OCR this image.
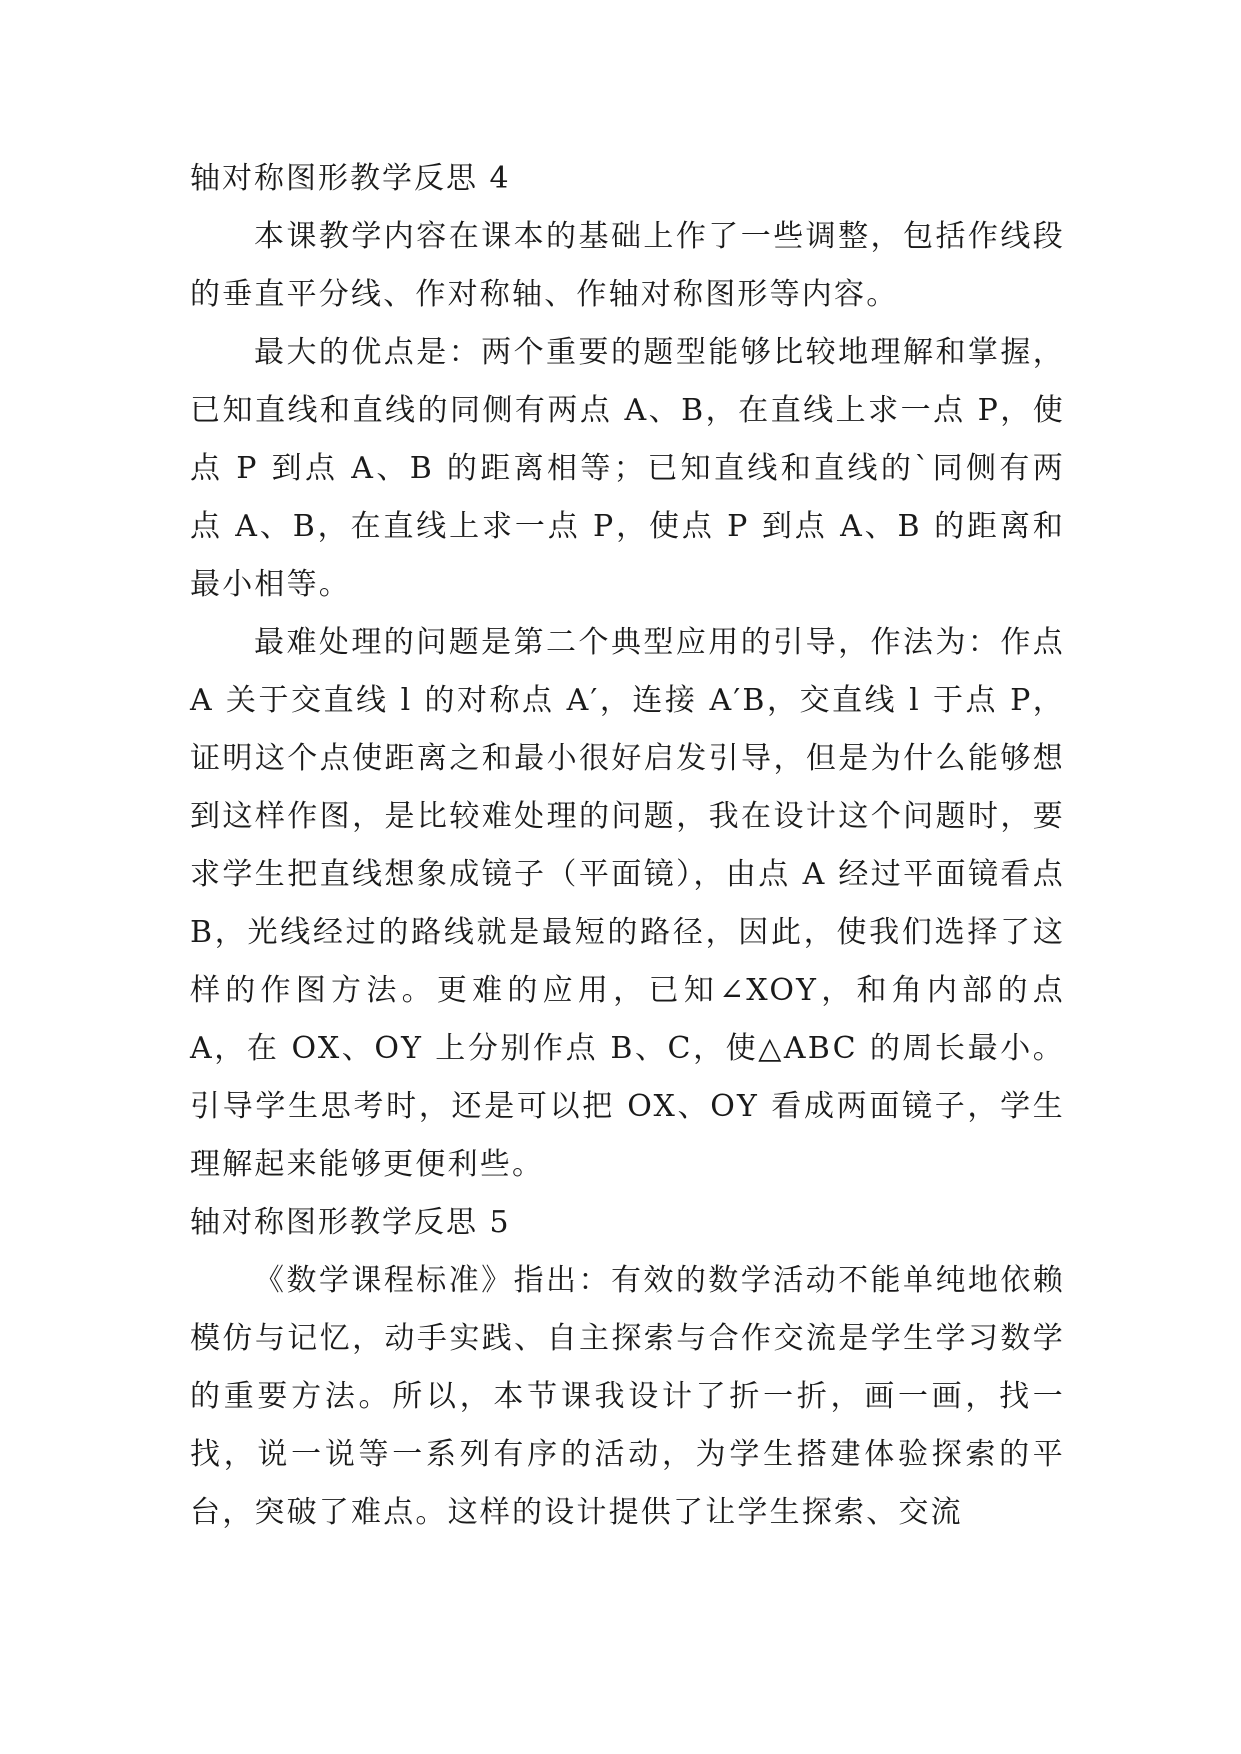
轴对称图形教学反思 4

本课教学内容在课本的基础上作了一些调整，包括作线段的垂直平分线、作对称轴、作轴对称图形等内容。

最大的优点是：两个重要的题型能够比较地理解和掌握，已知直线和直线的同侧有两点 A、B，在直线上求一点 P，使点 P 到点 A、B 的距离相等；已知直线和直线的`同侧有两点 A、B，在直线上求一点 P，使点 P 到点 A、B 的距离和最小相等。

最难处理的问题是第二个典型应用的引导，作法为：作点 A 关于交直线 l 的对称点 A′，连接 A′B，交直线 l 于点 P，证明这个点使距离之和最小很好启发引导，但是为什么能够想到这样作图，是比较难处理的问题，我在设计这个问题时，要求学生把直线想象成镜子（平面镜），由点 A 经过平面镜看点 B，光线经过的路线就是最短的路径，因此，使我们选择了这样的作图方法。更难的应用，已知∠XOY，和角内部的点 A，在 OX、OY 上分别作点 B、C，使△ABC 的周长最小。引导学生思考时，还是可以把 OX、OY 看成两面镜子，学生理解起来能够更便利些。

轴对称图形教学反思 5

《数学课程标准》指出：有效的数学活动不能单纯地依赖模仿与记忆，动手实践、自主探索与合作交流是学生学习数学的重要方法。所以，本节课我设计了折一折，画一画，找一找，说一说等一系列有序的活动，为学生搭建体验探索的平台，突破了难点。这样的设计提供了让学生探索、交流
